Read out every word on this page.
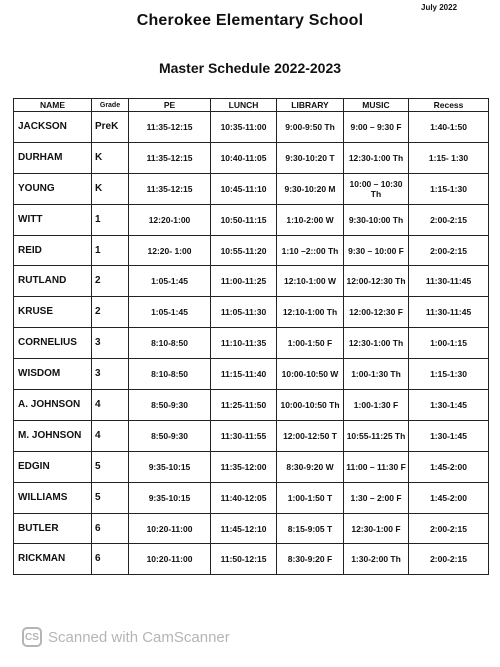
July 2022
Cherokee Elementary School
Master Schedule 2022-2023
NAME	Grade	PE	LUNCH	LIBRARY	MUSIC	Recess
JACKSON	PreK	11:35-12:15	10:35-11:00	9:00-9:50 Th	9:00 – 9:30 F	1:40-1:50
DURHAM	K	11:35-12:15	10:40-11:05	9:30-10:20 T	12:30-1:00 Th	1:15- 1:30
YOUNG	K	11:35-12:15	10:45-11:10	9:30-10:20 M	10:00 – 10:30 Th	1:15-1:30
WITT	1	12:20-1:00	10:50-11:15	1:10-2:00 W	9:30-10:00 Th	2:00-2:15
REID	1	12:20- 1:00	10:55-11:20	1:10 –2::00 Th	9:30 – 10:00 F	2:00-2:15
RUTLAND	2	1:05-1:45	11:00-11:25	12:10-1:00 W	12:00-12:30 Th	11:30-11:45
KRUSE	2	1:05-1:45	11:05-11:30	12:10-1:00 Th	12:00-12:30 F	11:30-11:45
CORNELIUS	3	8:10-8:50	11:10-11:35	1:00-1:50 F	12:30-1:00 Th	1:00-1:15
WISDOM	3	8:10-8:50	11:15-11:40	10:00-10:50 W	1:00-1:30 Th	1:15-1:30
A. JOHNSON	4	8:50-9:30	11:25-11:50	10:00-10:50 Th	1:00-1:30 F	1:30-1:45
M. JOHNSON	4	8:50-9:30	11:30-11:55	12:00-12:50 T	10:55-11:25 Th	1:30-1:45
EDGIN	5	9:35-10:15	11:35-12:00	8:30-9:20 W	11:00 – 11:30 F	1:45-2:00
WILLIAMS	5	9:35-10:15	11:40-12:05	1:00-1:50 T	1:30 – 2:00 F	1:45-2:00
BUTLER	6	10:20-11:00	11:45-12:10	8:15-9:05 T	12:30-1:00 F	2:00-2:15
RICKMAN	6	10:20-11:00	11:50-12:15	8:30-9:20 F	1:30-2:00 Th	2:00-2:15
CS Scanned with CamScanner
